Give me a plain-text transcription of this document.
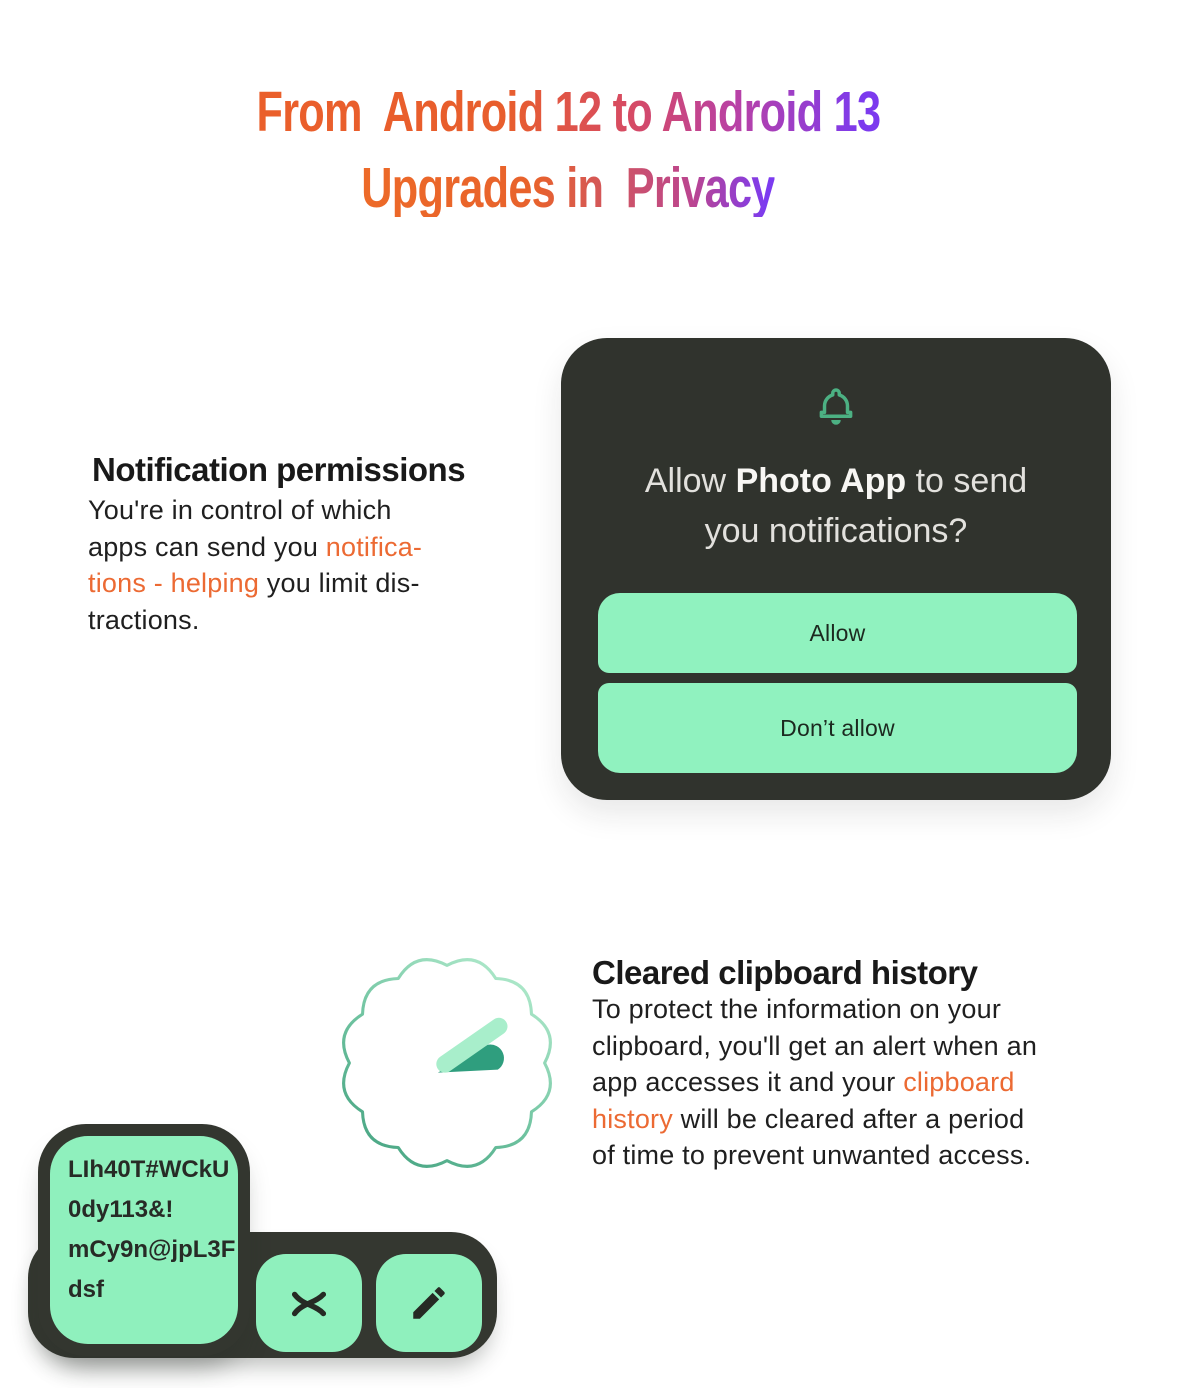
From  Android 12 to Android 13
Upgrades in  Privacy
Notification permissions
You're in control of which
apps can send you notifica-
tions - helping you limit dis-
tractions.
Allow Photo App to send
you notifications?
Allow
Don’t allow
Cleared clipboard history
To protect the information on your
clipboard, you'll get an alert when an
app accesses it and your clipboard
history will be cleared after a period
of time to prevent unwanted access.
LIh40T#WCkU
0dy113&!
mCy9n@jpL3F
dsf
